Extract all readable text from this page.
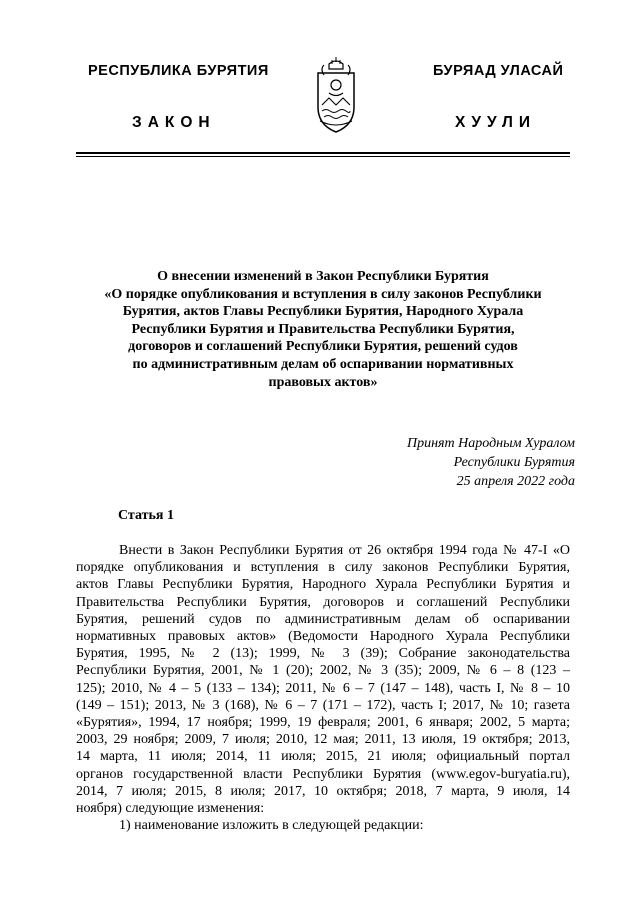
РЕСПУБЛИКА БУРЯТИЯ	БУРЯАД УЛАСАЙ
ЗАКОН	ХУУЛИ
О внесении изменений в Закон Республики Бурятия
«О порядке опубликования и вступления в силу законов Республики
Бурятия, актов Главы Республики Бурятия, Народного Хурала
Республики Бурятия и Правительства Республики Бурятия,
договоров и соглашений Республики Бурятия, решений судов
по административным делам об оспаривании нормативных
правовых актов»
Принят Народным Хуралом
Республики Бурятия
25 апреля 2022 года
Статья 1
Внести в Закон Республики Бурятия от 26 октября 1994 года № 47-I «О
порядке опубликования и вступления в силу законов Республики Бурятия,
актов Главы Республики Бурятия, Народного Хурала Республики Бурятия и
Правительства Республики Бурятия, договоров и соглашений Республики
Бурятия, решений судов по административным делам об оспаривании
нормативных правовых актов» (Ведомости Народного Хурала Республики
Бурятия, 1995, № 2 (13); 1999, № 3 (39); Собрание законодательства
Республики Бурятия, 2001, № 1 (20); 2002, № 3 (35); 2009, № 6 – 8 (123 –
125); 2010, № 4 – 5 (133 – 134); 2011, № 6 – 7 (147 – 148), часть I, № 8 – 10
(149 – 151); 2013, № 3 (168), № 6 – 7 (171 – 172), часть I; 2017, № 10; газета
«Бурятия», 1994, 17 ноября; 1999, 19 февраля; 2001, 6 января; 2002, 5 марта;
2003, 29 ноября; 2009, 7 июля; 2010, 12 мая; 2011, 13 июля, 19 октября; 2013,
14 марта, 11 июля; 2014, 11 июля; 2015, 21 июля; официальный портал
органов государственной власти Республики Бурятия (www.egov-buryatia.ru),
2014, 7 июля; 2015, 8 июля; 2017, 10 октября; 2018, 7 марта, 9 июля, 14
ноября) следующие изменения:
1) наименование изложить в следующей редакции:
